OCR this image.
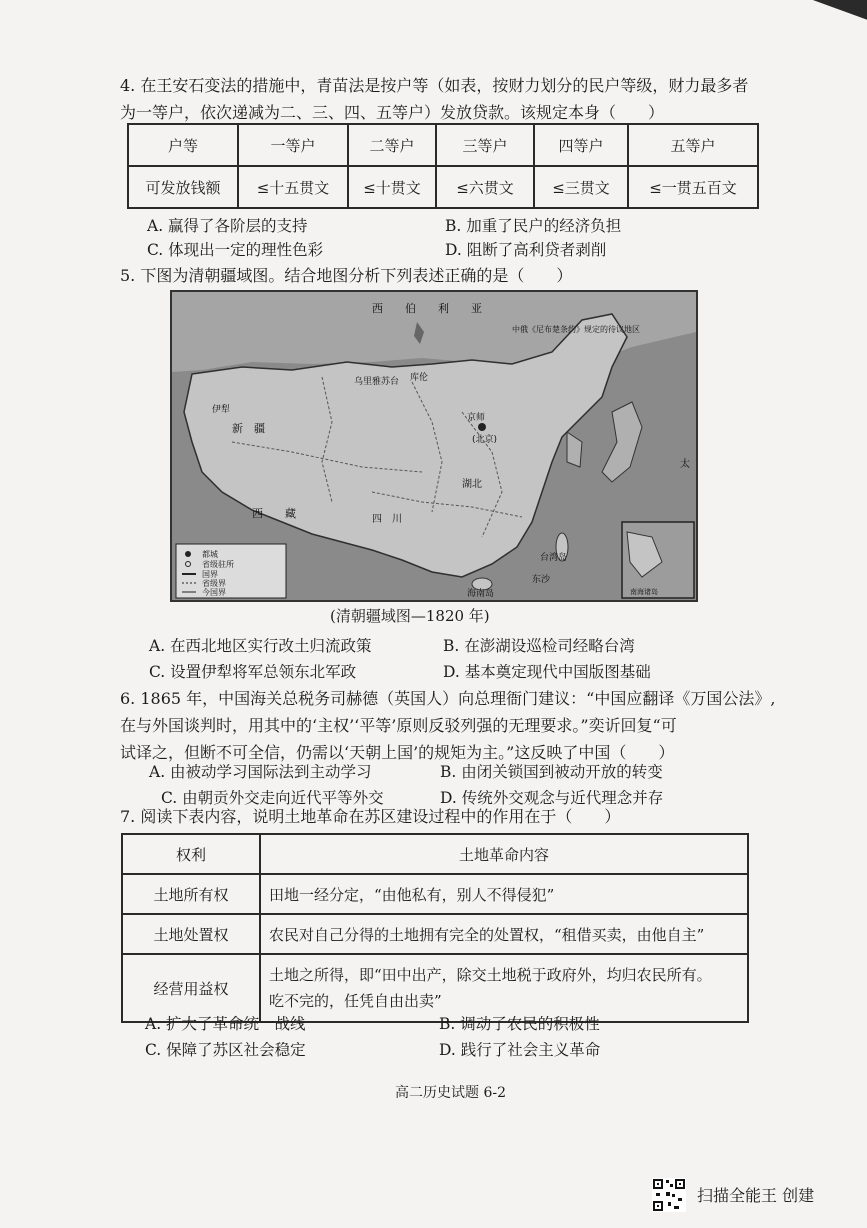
4. 在王安石变法的措施中，青苗法是按户等（如表，按财力划分的民户等级，财力最多者
为一等户，依次递减为二、三、四、五等户）发放贷款。该规定本身（　　）
户等	一等户	二等户	三等户	四等户	五等户
可发放钱额	≤十五贯文	≤十贯文	≤六贯文	≤三贯文	≤一贯五百文
A. 赢得了各阶层的支持	B. 加重了民户的经济负担
C. 体现出一定的理性色彩	D. 阻断了高利贷者剥削
5. 下图为清朝疆域图。结合地图分析下列表述正确的是（　　）
西　　伯　　利　　亚
中俄《尼布楚条约》规定的待议地区
乌里雅苏台 库伦
伊犁
新　疆
京师
(北京)
西　　藏	四　川
湖北
台湾岛
海南岛
东沙
太
南海诸岛
都城
省级驻所
国界
省级界
今国界
(清朝疆域图—1820 年)
A. 在西北地区实行改土归流政策	B. 在澎湖设巡检司经略台湾
C. 设置伊犁将军总领东北军政	D. 基本奠定现代中国版图基础
6. 1865 年，中国海关总税务司赫德（英国人）向总理衙门建议：“中国应翻译《万国公法》,
在与外国谈判时，用其中的‘主权’‘平等’原则反驳列强的无理要求。”奕䜣回复“可
试译之，但断不可全信，仍需以‘天朝上国’的规矩为主。”这反映了中国（　　）
A. 由被动学习国际法到主动学习	B. 由闭关锁国到被动开放的转变
C. 由朝贡外交走向近代平等外交	D. 传统外交观念与近代理念并存
7. 阅读下表内容，说明土地革命在苏区建设过程中的作用在于（　　）
权利	土地革命内容
土地所有权	田地一经分定，“由他私有，别人不得侵犯”
土地处置权	农民对自己分得的土地拥有完全的处置权，“租借买卖，由他自主”
经营用益权	土地之所得，即“田中出产，除交土地税于政府外，均归农民所有。
吃不完的，任凭自由出卖”
A. 扩大了革命统一战线	B. 调动了农民的积极性
C. 保障了苏区社会稳定	D. 践行了社会主义革命
高二历史试题 6-2
扫描全能王 创建
